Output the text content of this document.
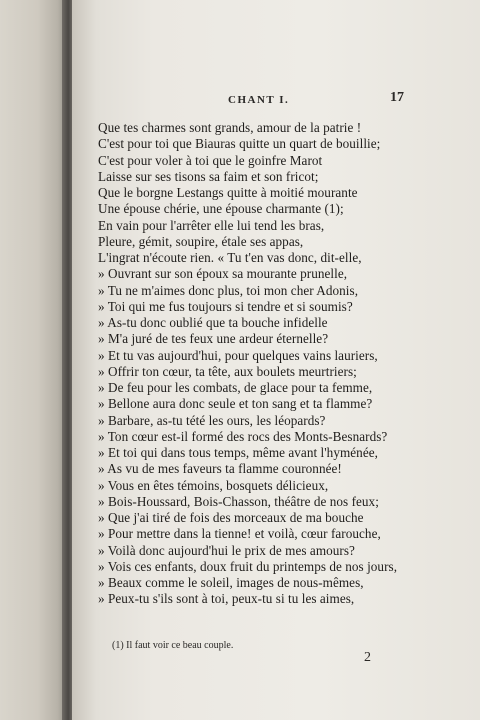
CHANT I.	17
Que tes charmes sont grands, amour de la patrie !
C'est pour toi que Biauras quitte un quart de bouillie;
C'est pour voler à toi que le goinfre Marot
Laisse sur ses tisons sa faim et son fricot;
Que le borgne Lestangs quitte à moitié mourante
Une épouse chérie, une épouse charmante (1);
En vain pour l'arrêter elle lui tend les bras,
Pleure, gémit, soupire, étale ses appas,
L'ingrat n'écoute rien. « Tu t'en vas donc, dit-elle,
» Ouvrant sur son époux sa mourante prunelle,
» Tu ne m'aimes donc plus, toi mon cher Adonis,
» Toi qui me fus toujours si tendre et si soumis?
» As-tu donc oublié que ta bouche infidelle
» M'a juré de tes feux une ardeur éternelle?
» Et tu vas aujourd'hui, pour quelques vains lauriers,
» Offrir ton cœur, ta tête, aux boulets meurtriers;
» De feu pour les combats, de glace pour ta femme,
» Bellone aura donc seule et ton sang et ta flamme?
» Barbare, as-tu tété les ours, les léopards?
» Ton cœur est-il formé des rocs des Monts-Besnards?
» Et toi qui dans tous temps, même avant l'hyménée,
» As vu de mes faveurs ta flamme couronnée!
» Vous en êtes témoins, bosquets délicieux,
» Bois-Houssard, Bois-Chasson, théâtre de nos feux;
» Que j'ai tiré de fois des morceaux de ma bouche
» Pour mettre dans la tienne! et voilà, cœur farouche,
» Voilà donc aujourd'hui le prix de mes amours?
» Vois ces enfants, doux fruit du printemps de nos jours,
» Beaux comme le soleil, images de nous-mêmes,
» Peux-tu s'ils sont à toi, peux-tu si tu les aimes,
(1) Il faut voir ce beau couple.
2
